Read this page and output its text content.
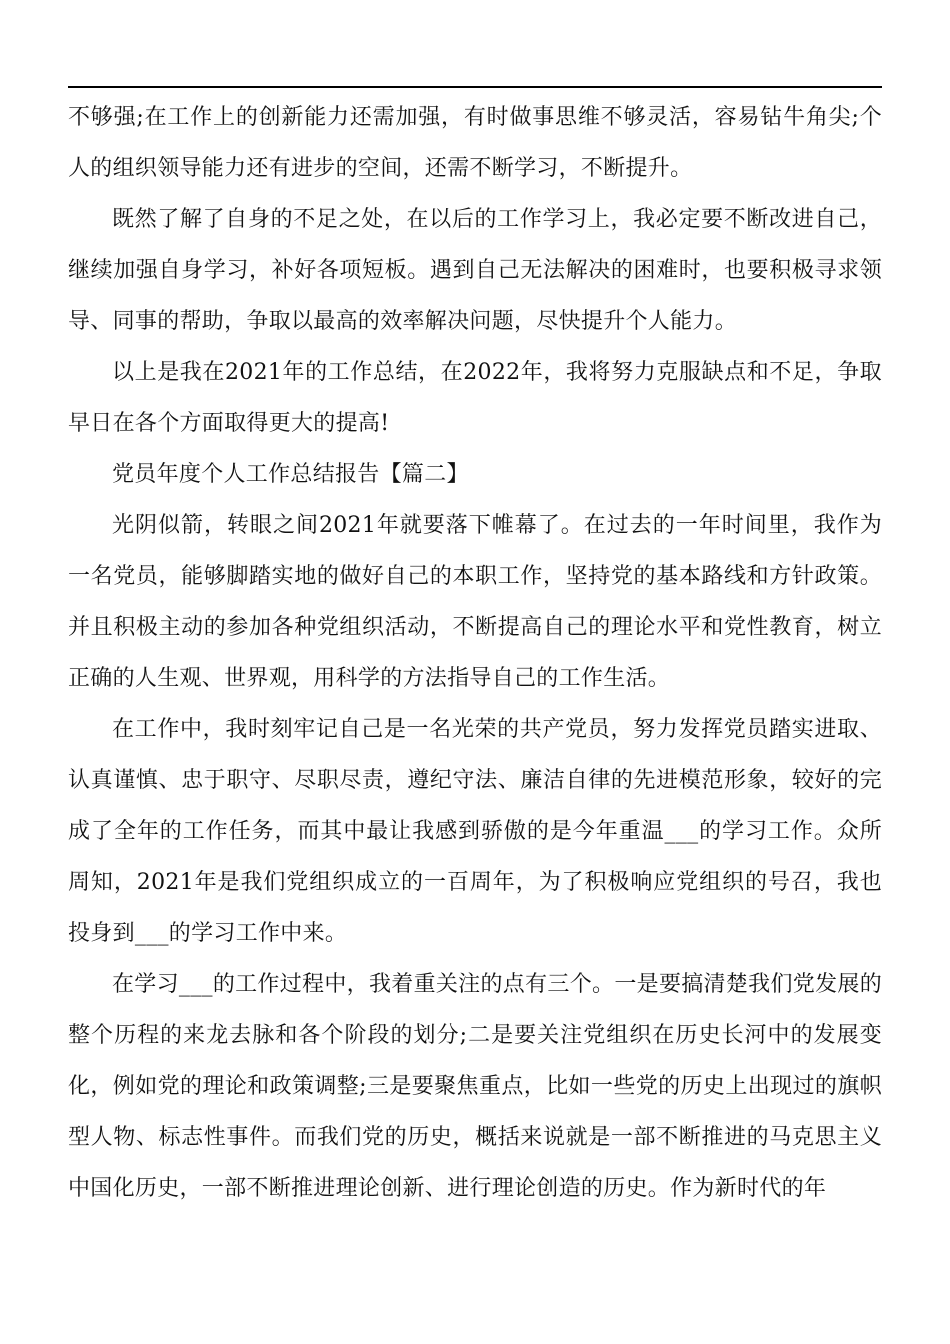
不够强;在工作上的创新能力还需加强，有时做事思维不够灵活，容易钻牛角尖;个人的组织领导能力还有进步的空间，还需不断学习，不断提升。

既然了解了自身的不足之处，在以后的工作学习上，我必定要不断改进自己，继续加强自身学习，补好各项短板。遇到自己无法解决的困难时，也要积极寻求领导、同事的帮助，争取以最高的效率解决问题，尽快提升个人能力。

以上是我在2021年的工作总结，在2022年，我将努力克服缺点和不足，争取早日在各个方面取得更大的提高!

党员年度个人工作总结报告【篇二】

光阴似箭，转眼之间2021年就要落下帷幕了。在过去的一年时间里，我作为一名党员，能够脚踏实地的做好自己的本职工作，坚持党的基本路线和方针政策。并且积极主动的参加各种党组织活动，不断提高自己的理论水平和党性教育，树立正确的人生观、世界观，用科学的方法指导自己的工作生活。

在工作中，我时刻牢记自己是一名光荣的共产党员，努力发挥党员踏实进取、认真谨慎、忠于职守、尽职尽责，遵纪守法、廉洁自律的先进模范形象，较好的完成了全年的工作任务，而其中最让我感到骄傲的是今年重温___的学习工作。众所周知，2021年是我们党组织成立的一百周年，为了积极响应党组织的号召，我也投身到___的学习工作中来。

在学习___的工作过程中，我着重关注的点有三个。一是要搞清楚我们党发展的整个历程的来龙去脉和各个阶段的划分;二是要关注党组织在历史长河中的发展变化，例如党的理论和政策调整;三是要聚焦重点，比如一些党的历史上出现过的旗帜型人物、标志性事件。而我们党的历史，概括来说就是一部不断推进的马克思主义中国化历史，一部不断推进理论创新、进行理论创造的历史。作为新时代的年
